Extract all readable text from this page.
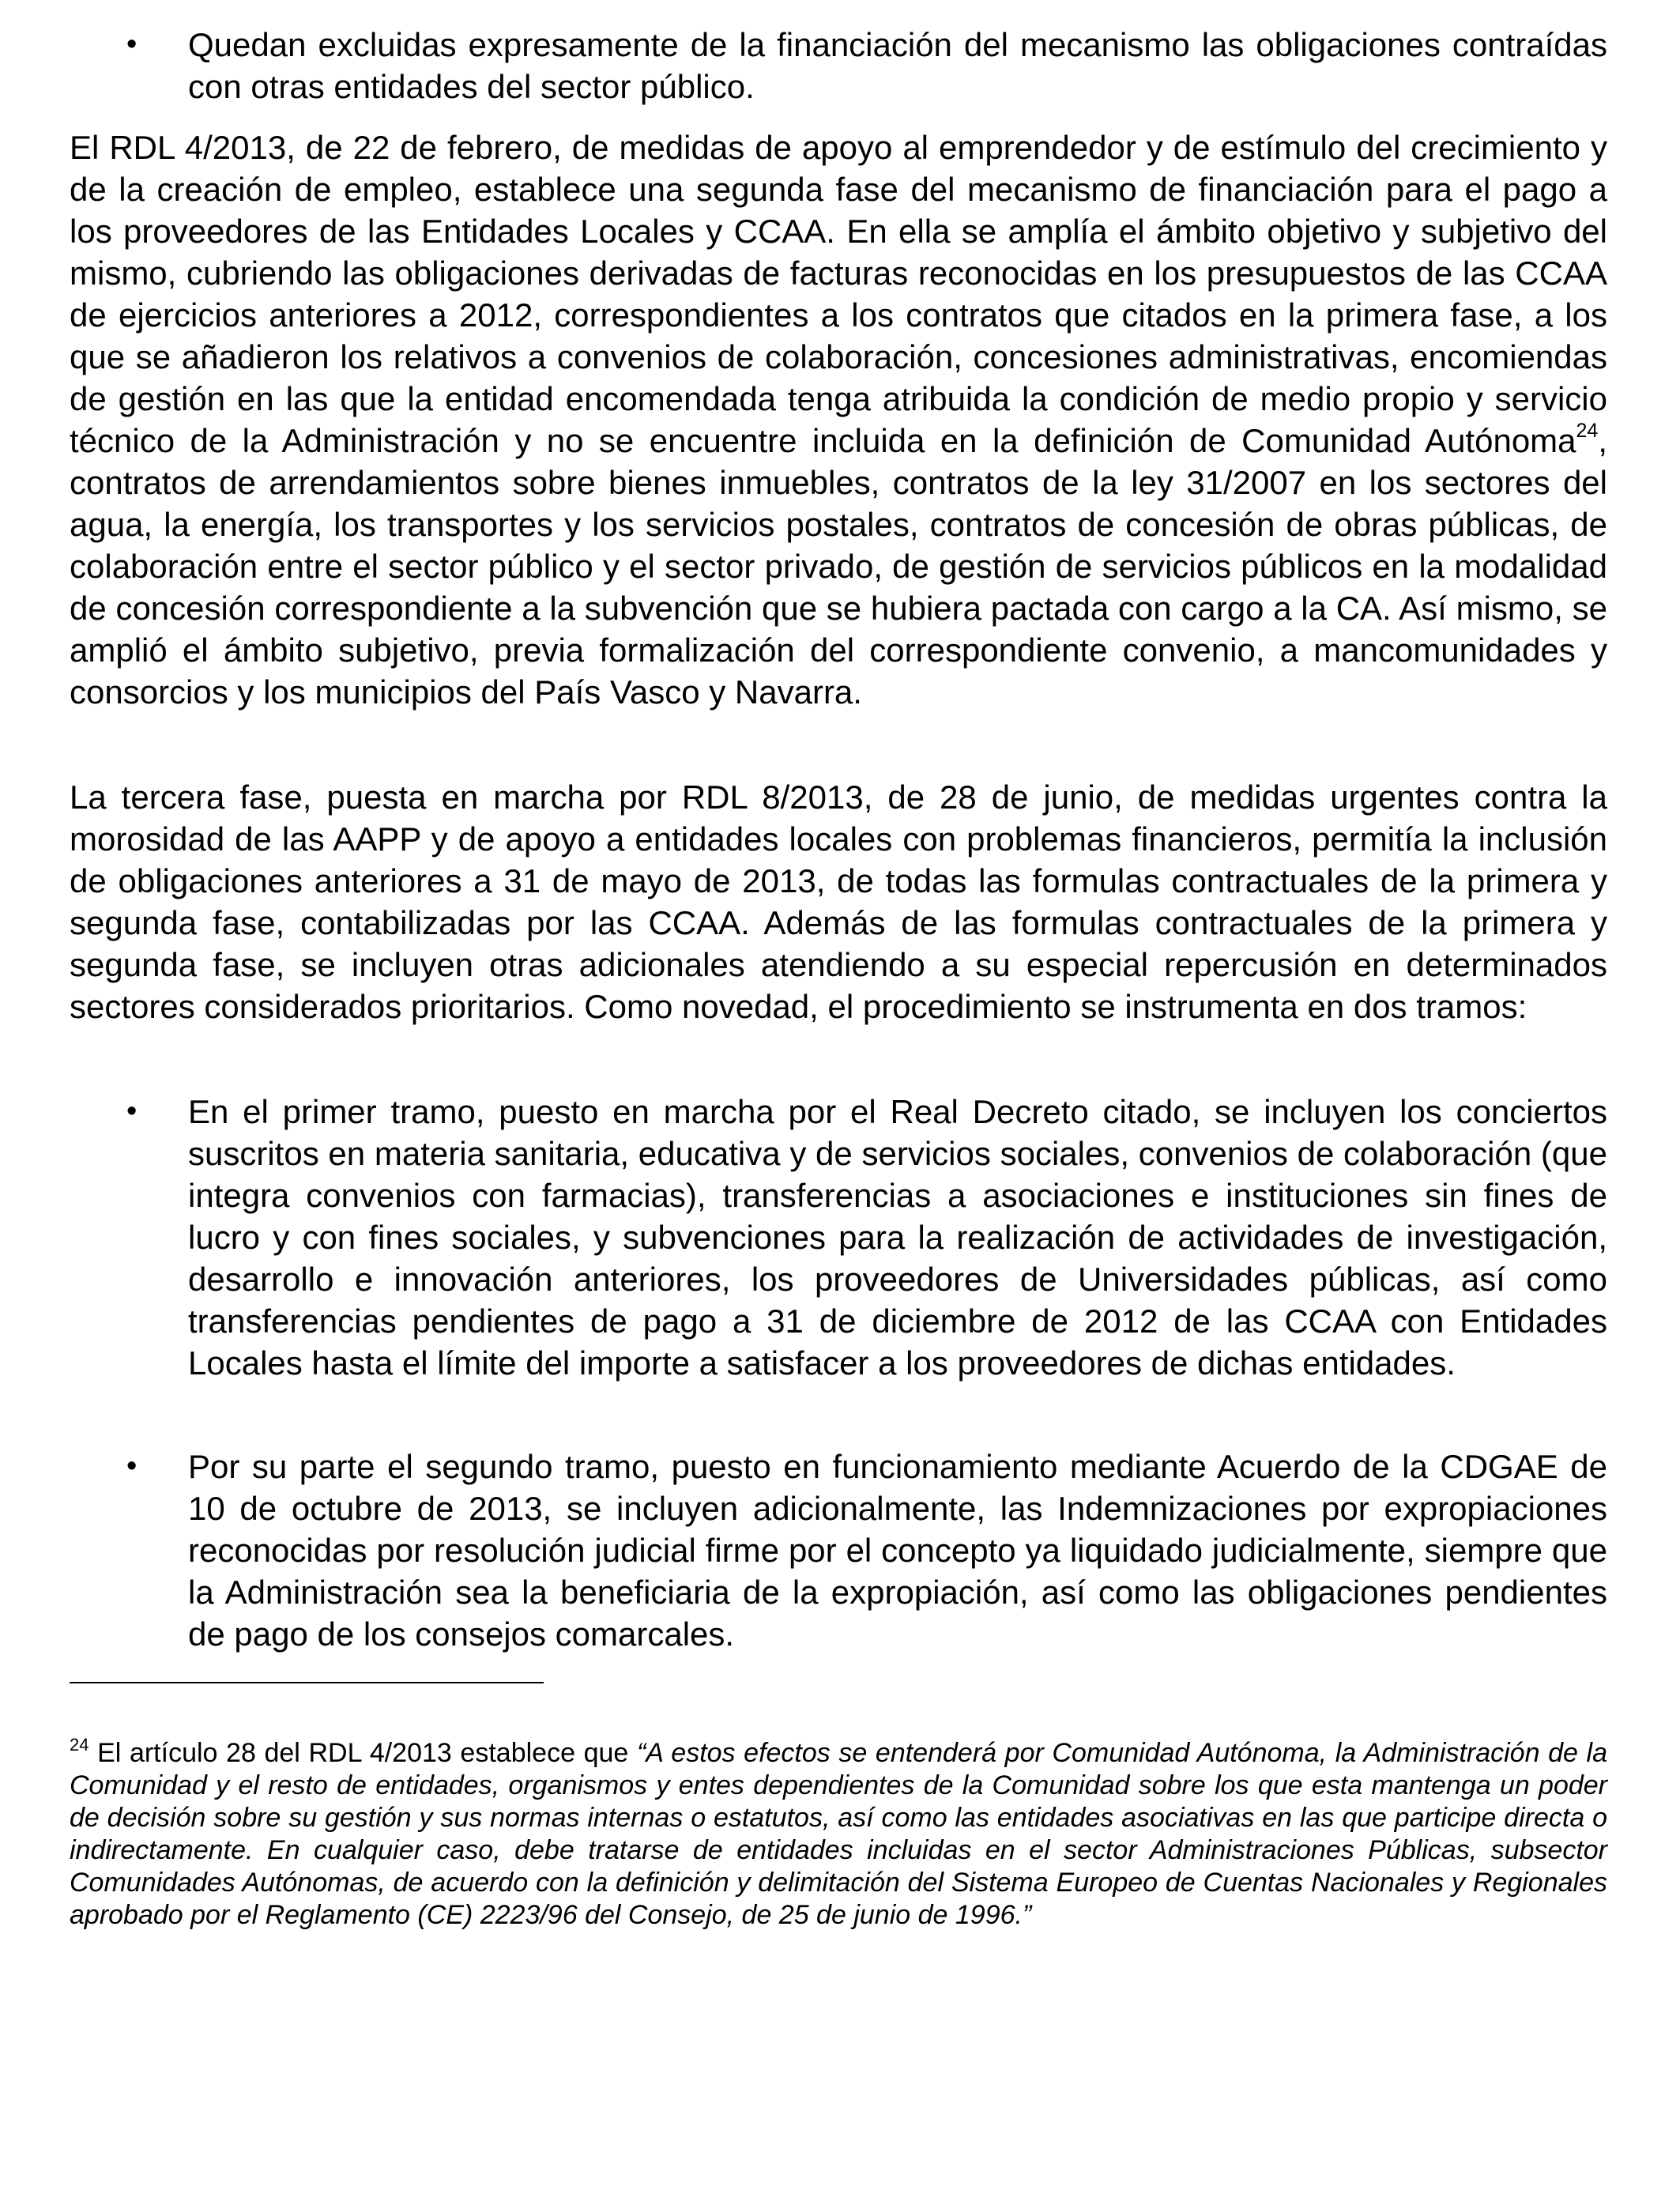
•	Quedan excluidas expresamente de la financiación del mecanismo las obligaciones contraídas con otras entidades del sector público.

El RDL 4/2013, de 22 de febrero, de medidas de apoyo al emprendedor y de estímulo del crecimiento y de la creación de empleo, establece una segunda fase del mecanismo de financiación para el pago a los proveedores de las Entidades Locales y CCAA. En ella se amplía el ámbito objetivo y subjetivo del mismo, cubriendo las obligaciones derivadas de facturas reconocidas en los presupuestos de las CCAA de ejercicios anteriores a 2012, correspondientes a los contratos que citados en la primera fase, a los que se añadieron los relativos a convenios de colaboración, concesiones administrativas, encomiendas de gestión en las que la entidad encomendada tenga atribuida la condición de medio propio y servicio técnico de la Administración y no se encuentre incluida en la definición de Comunidad Autónoma$^{24}$, contratos de arrendamientos sobre bienes inmuebles, contratos de la ley 31/2007 en los sectores del agua, la energía, los transportes y los servicios postales, contratos de concesión de obras públicas, de colaboración entre el sector público y el sector privado, de gestión de servicios públicos en la modalidad de concesión correspondiente a la subvención que se hubiera pactada con cargo a la CA. Así mismo, se amplió el ámbito subjetivo, previa formalización del correspondiente convenio, a mancomunidades y consorcios y los municipios del País Vasco y Navarra.

La tercera fase, puesta en marcha por RDL 8/2013, de 28 de junio, de medidas urgentes contra la morosidad de las AAPP y de apoyo a entidades locales con problemas financieros, permitía la inclusión de obligaciones anteriores a 31 de mayo de 2013, de todas las formulas contractuales de la primera y segunda fase, contabilizadas por las CCAA. Además de las formulas contractuales de la primera y segunda fase, se incluyen otras adicionales atendiendo a su especial repercusión en determinados sectores considerados prioritarios. Como novedad, el procedimiento se instrumenta en dos tramos:

•	En el primer tramo, puesto en marcha por el Real Decreto citado, se incluyen los conciertos suscritos en materia sanitaria, educativa y de servicios sociales, convenios de colaboración (que integra convenios con farmacias), transferencias a asociaciones e instituciones sin fines de lucro y con fines sociales, y subvenciones para la realización de actividades de investigación, desarrollo e innovación anteriores, los proveedores de Universidades públicas, así como transferencias pendientes de pago a 31 de diciembre de 2012 de las CCAA con Entidades Locales hasta el límite del importe a satisfacer a los proveedores de dichas entidades.

•	Por su parte el segundo tramo, puesto en funcionamiento mediante Acuerdo de la CDGAE de 10 de octubre de 2013, se incluyen adicionalmente, las Indemnizaciones por expropiaciones reconocidas por resolución judicial firme por el concepto ya liquidado judicialmente, siempre que la Administración sea la beneficiaria de la expropiación, así como las obligaciones pendientes de pago de los consejos comarcales.

$^{24}$ El artículo 28 del RDL 4/2013 establece que “A estos efectos se entenderá por Comunidad Autónoma, la Administración de la Comunidad y el resto de entidades, organismos y entes dependientes de la Comunidad sobre los que esta mantenga un poder de decisión sobre su gestión y sus normas internas o estatutos, así como las entidades asociativas en las que participe directa o indirectamente. En cualquier caso, debe tratarse de entidades incluidas en el sector Administraciones Públicas, subsector Comunidades Autónomas, de acuerdo con la definición y delimitación del Sistema Europeo de Cuentas Nacionales y Regionales aprobado por el Reglamento (CE) 2223/96 del Consejo, de 25 de junio de 1996.”
